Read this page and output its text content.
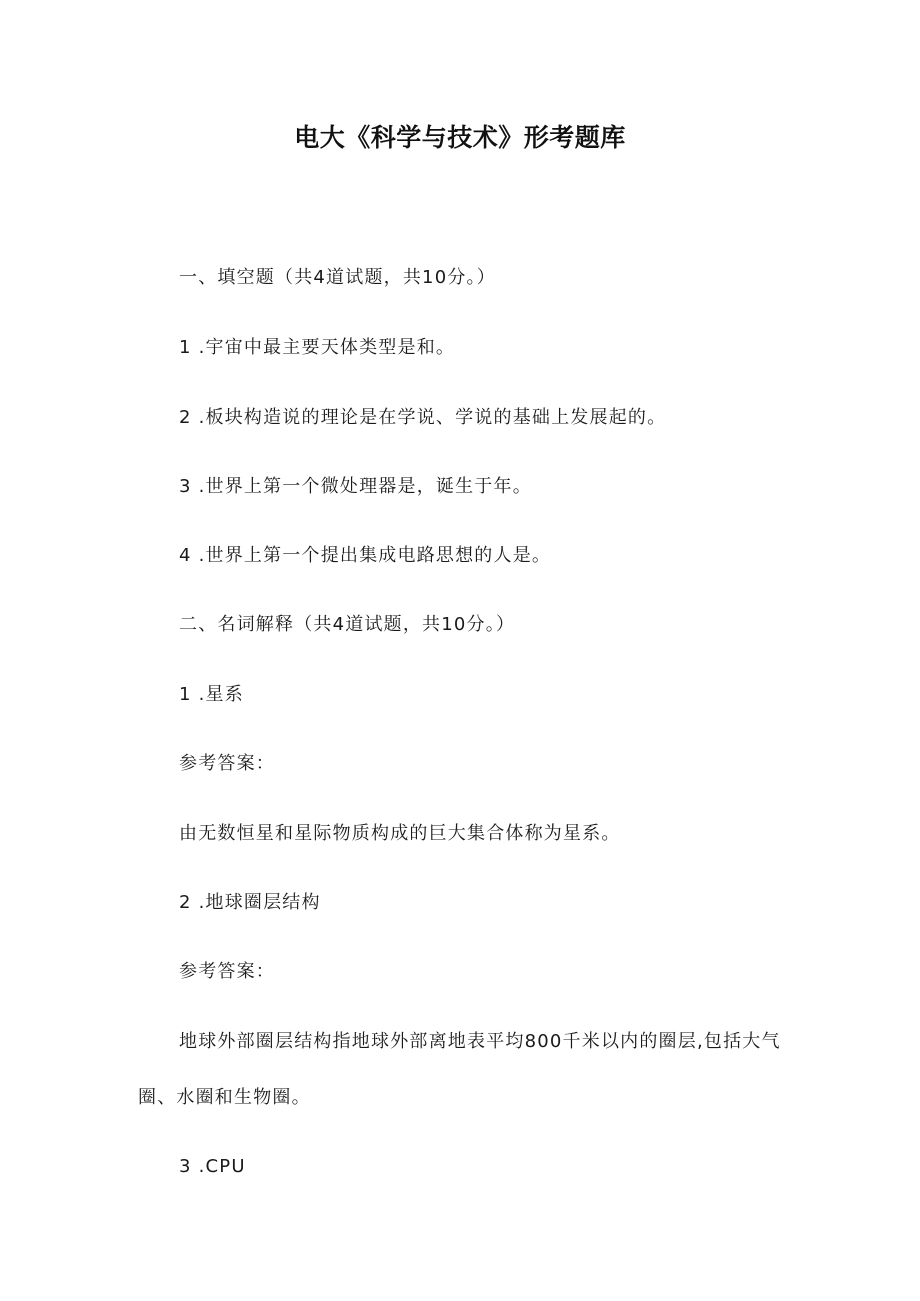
电大《科学与技术》形考题库
一、填空题（共4道试题，共10分。）
1 .宇宙中最主要天体类型是和。
2 .板块构造说的理论是在学说、学说的基础上发展起的。
3 .世界上第一个微处理器是，诞生于年。
4 .世界上第一个提出集成电路思想的人是。
二、名词解释（共4道试题，共10分。）
1 .星系
参考答案：
由无数恒星和星际物质构成的巨大集合体称为星系。
2 .地球圈层结构
参考答案：
地球外部圈层结构指地球外部离地表平均800千米以内的圈层,包括大气圈、水圈和生物圈。
3 .CPU
